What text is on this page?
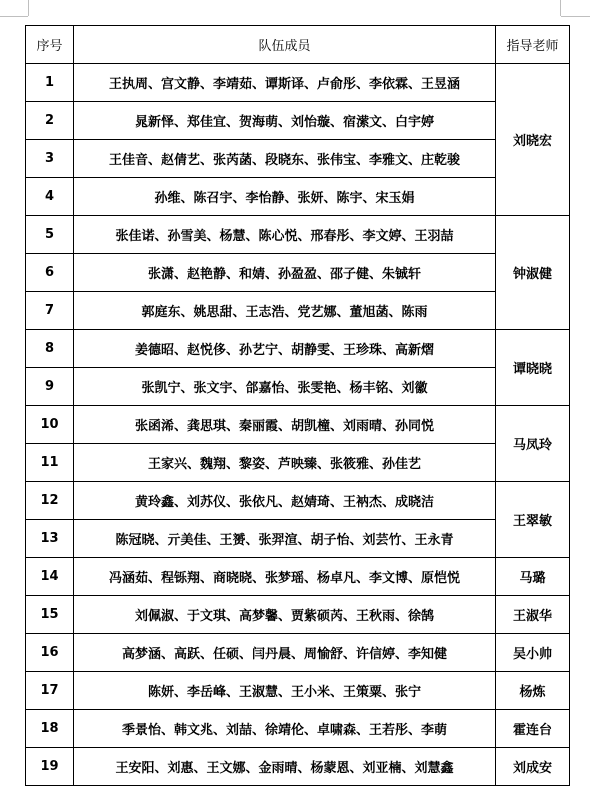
序号	队伍成员	指导老师
1	王执周、宫文静、李靖茹、谭斯译、卢俞彤、李依霖、王昱涵	刘晓宏
2	晁新怿、郑佳宜、贺海萌、刘怡璇、宿潆文、白宇婷	
3	王佳音、赵倩艺、张芮菡、段晓东、张伟宝、李雅文、庄乾骏	
4	孙维、陈召宇、李怡静、张妍、陈宇、宋玉娟	
5	张佳诺、孙雪美、杨慧、陈心悦、邢春彤、李文婷、王羽喆	钟淑健
6	张潇、赵艳静、和婧、孙盈盈、邵子健、朱铖轩	
7	郭庭东、姚思甜、王志浩、党艺娜、董旭菡、陈雨	
8	姜德昭、赵悦侈、孙艺宁、胡静雯、王珍珠、高新熠	谭晓晓
9	张凯宁、张文宇、郃嘉怡、张雯艳、杨丰铭、刘徽	
10	张函浠、龚思琪、秦丽霞、胡凯橦、刘雨晴、孙同悦	马凤玲
11	王家兴、魏翔、黎姿、芦映臻、张筱雅、孙佳艺	
12	黄玲鑫、刘苏仪、张依凡、赵婧琦、王衲杰、成晓洁	王翠敏
13	陈冠晓、亓美佳、王赟、张羿渲、胡子怡、刘芸竹、王永青	
14	冯涵茹、程铄翔、商晓晓、张梦瑶、杨卓凡、李文博、原恺悦	马璐
15	刘佩淑、于文琪、高梦馨、贾紫硕芮、王秋雨、徐鹄	王淑华
16	高梦涵、高跃、任硕、闫丹晨、周愉舒、许信婷、李知健	吴小帅
17	陈妍、李岳峰、王淑慧、王小米、王策粟、张宁	杨炼
18	季景怡、韩文兆、刘喆、徐靖伦、卓啸森、王若彤、李萌	霍连台
19	王安阳、刘惠、王文娜、金雨晴、杨蒙恩、刘亚楠、刘慧鑫	刘成安
